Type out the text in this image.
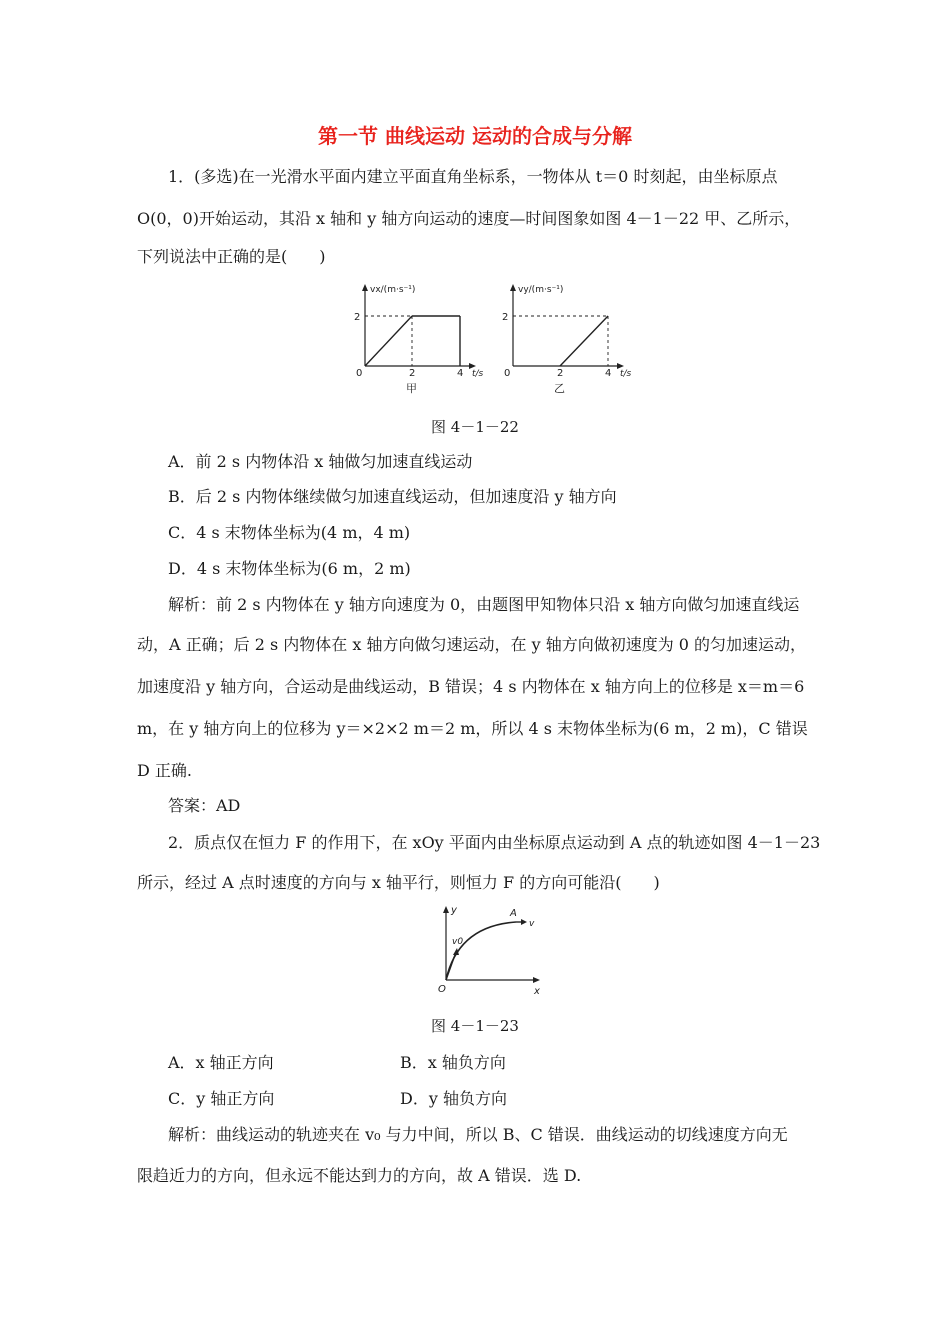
第一节 曲线运动 运动的合成与分解
1．(多选)在一光滑水平面内建立平面直角坐标系，一物体从 t＝0 时刻起，由坐标原点
O(0，0)开始运动，其沿 x 轴和 y 轴方向运动的速度—时间图象如图 4－1－22 甲、乙所示，
下列说法中正确的是(　　)
vx/(m·s⁻¹)
2
0	2	4 t/s
甲
vy/(m·s⁻¹)
2
0	2	4 t/s
乙
图 4－1－22
A．前 2 s 内物体沿 x 轴做匀加速直线运动
B．后 2 s 内物体继续做匀加速直线运动，但加速度沿 y 轴方向
C．4 s 末物体坐标为(4 m，4 m)
D．4 s 末物体坐标为(6 m，2 m)
解析：前 2 s 内物体在 y 轴方向速度为 0，由题图甲知物体只沿 x 轴方向做匀加速直线运
动，A 正确；后 2 s 内物体在 x 轴方向做匀速运动，在 y 轴方向做初速度为 0 的匀加速运动，
加速度沿 y 轴方向，合运动是曲线运动，B 错误；4 s 内物体在 x 轴方向上的位移是 x＝m＝6
m，在 y 轴方向上的位移为 y＝×2×2 m＝2 m，所以 4 s 末物体坐标为(6 m，2 m)，C 错误
D 正确.
答案：AD
2．质点仅在恒力 F 的作用下，在 xOy 平面内由坐标原点运动到 A 点的轨迹如图 4－1－23
所示，经过 A 点时速度的方向与 x 轴平行，则恒力 F 的方向可能沿(　　)
y
x
O
v0
A
v
图 4－1－23
A．x 轴正方向	B．x 轴负方向
C．y 轴正方向	D．y 轴负方向
解析：曲线运动的轨迹夹在 v₀ 与力中间，所以 B、C 错误．曲线运动的切线速度方向无
限趋近力的方向，但永远不能达到力的方向，故 A 错误．选 D.
